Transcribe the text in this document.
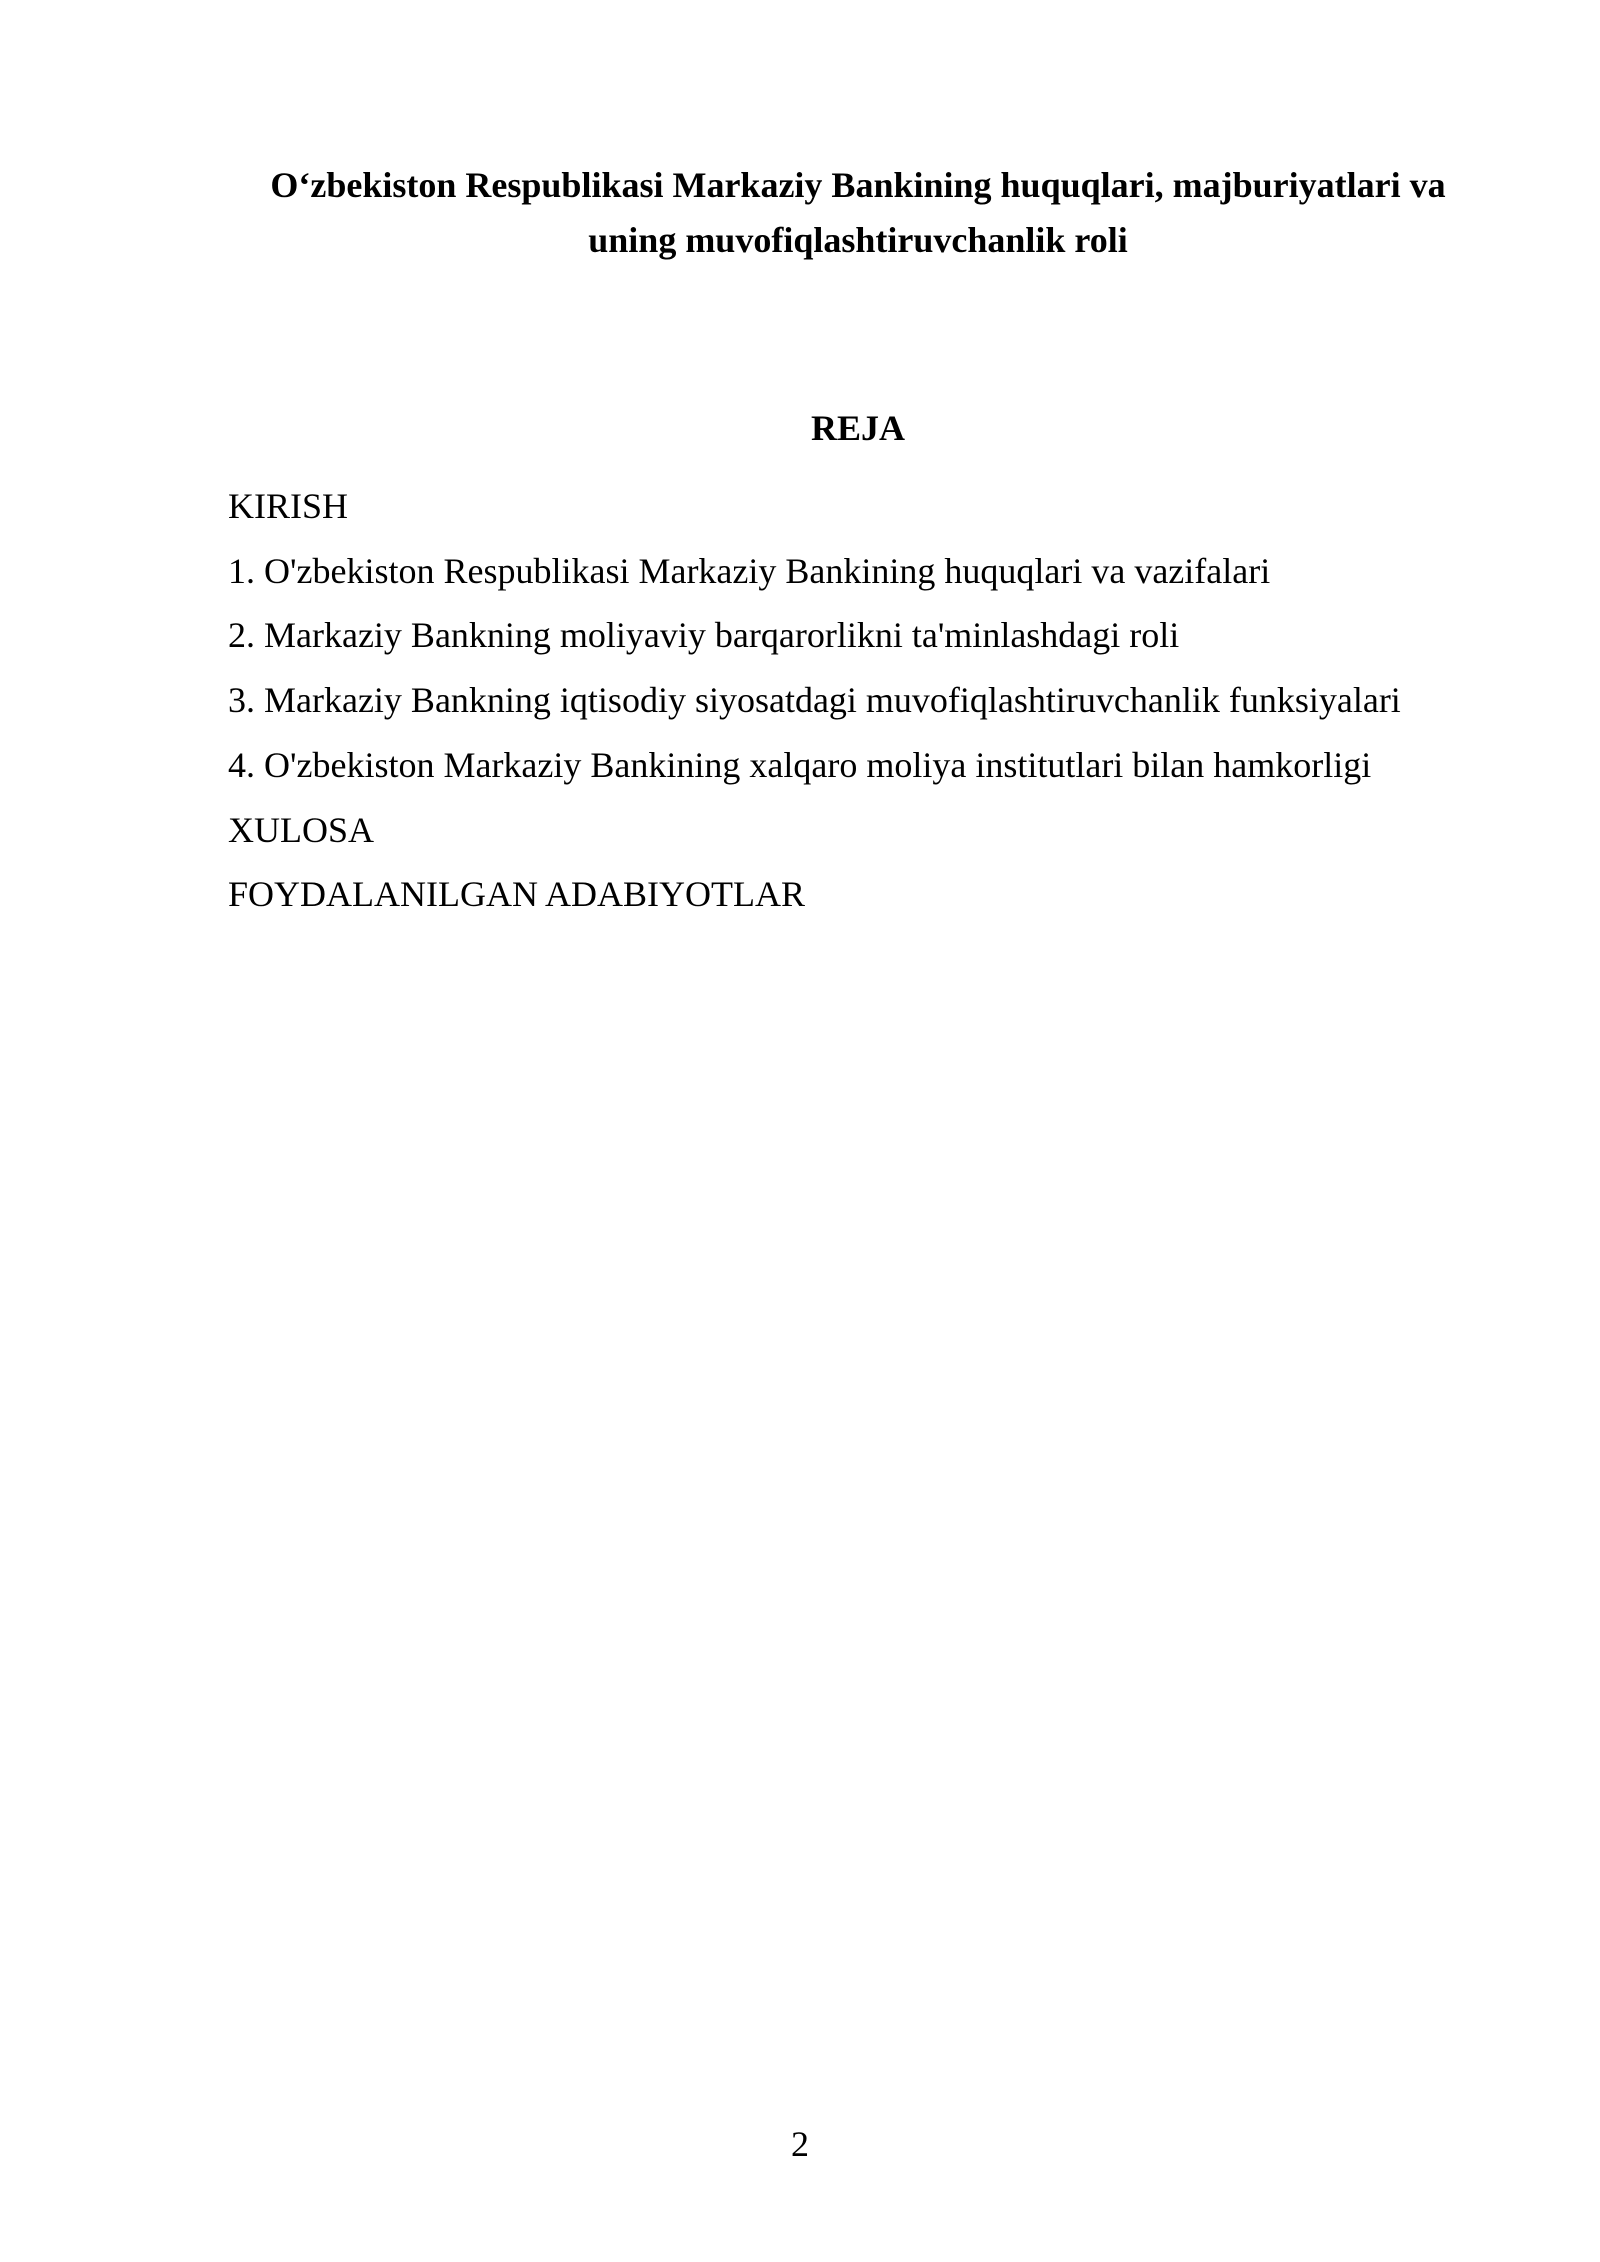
O‘zbekiston Respublikasi Markaziy Bankining huquqlari, majburiyatlari va
uning muvofiqlashtiruvchanlik roli
REJA
KIRISH
1. O'zbekiston Respublikasi Markaziy Bankining huquqlari va vazifalari
2. Markaziy Bankning moliyaviy barqarorlikni ta'minlashdagi roli
3. Markaziy Bankning iqtisodiy siyosatdagi muvofiqlashtiruvchanlik funksiyalari
4. O'zbekiston Markaziy Bankining xalqaro moliya institutlari bilan hamkorligi
XULOSA
FOYDALANILGAN ADABIYOTLAR
2
